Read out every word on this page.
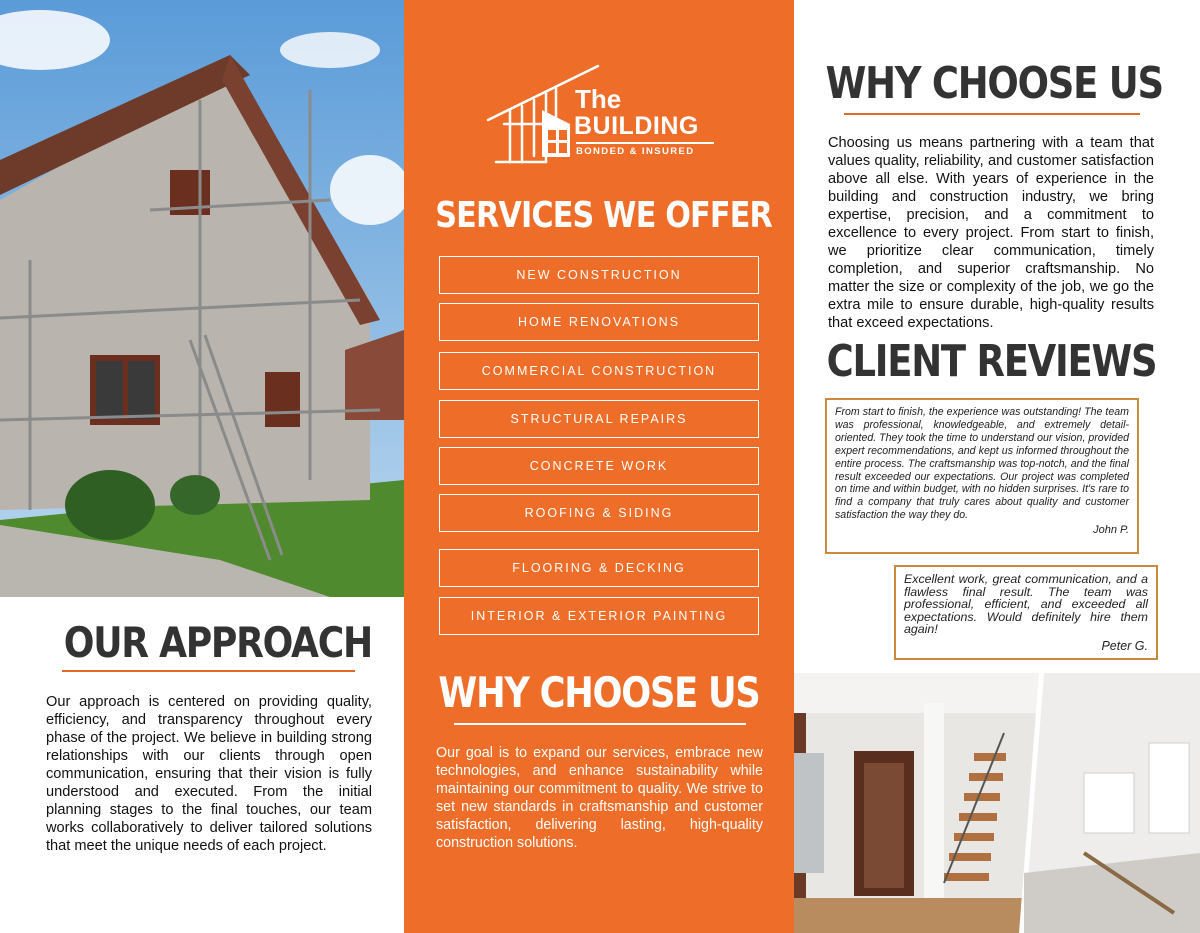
OUR APPROACH

Our approach is centered on providing quality, efficiency, and transparency throughout every phase of the project. We believe in building strong relationships with our clients through open communication, ensuring that their vision is fully understood and executed. From the initial planning stages to the final touches, our team works collaboratively to deliver tailored solutions that meet the unique needs of each project.

The
BUILDING
BONDED & INSURED
SERVICES WE OFFER
NEW CONSTRUCTION
HOME RENOVATIONS
COMMERCIAL CONSTRUCTION
STRUCTURAL REPAIRS
CONCRETE WORK
ROOFING & SIDING
FLOORING & DECKING
INTERIOR & EXTERIOR PAINTING
WHY CHOOSE US

Our goal is to expand our services, embrace new technologies, and enhance sustainability while maintaining our commitment to quality. We strive to set new standards in craftsmanship and customer satisfaction, delivering lasting, high-quality construction solutions.

WHY CHOOSE US

Choosing us means partnering with a team that values quality, reliability, and customer satisfaction above all else. With years of experience in the building and construction industry, we bring expertise, precision, and a commitment to excellence to every project. From start to finish, we prioritize clear communication, timely completion, and superior craftsmanship. No matter the size or complexity of the job, we go the extra mile to ensure durable, high-quality results that exceed expectations.

CLIENT REVIEWS

From start to finish, the experience was outstanding! The team was professional, knowledgeable, and extremely detail-oriented. They took the time to understand our vision, provided expert recommendations, and kept us informed throughout the entire process. The craftsmanship was top-notch, and the final result exceeded our expectations. Our project was completed on time and within budget, with no hidden surprises. It's rare to find a company that truly cares about quality and customer satisfaction the way they do.

John P.

Excellent work, great communication, and a flawless final result. The team was professional, efficient, and exceeded all expectations. Would definitely hire them again!

Peter G.
